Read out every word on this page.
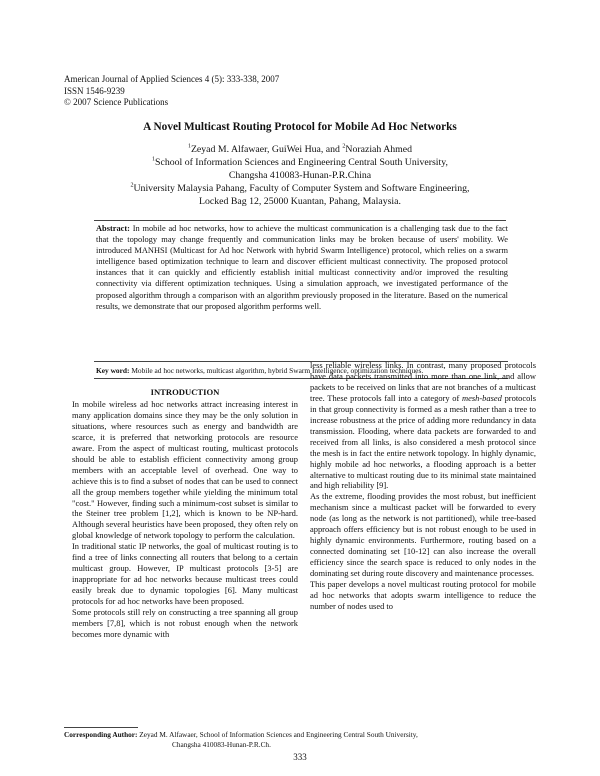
American Journal of Applied Sciences 4 (5): 333-338, 2007
ISSN 1546-9239
© 2007 Science Publications
A Novel Multicast Routing Protocol for Mobile Ad Hoc Networks
$^1$Zeyad M. Alfawaer, GuiWei Hua, and $^2$Noraziah Ahmed
$^1$School of Information Sciences and Engineering Central South University,
Changsha 410083-Hunan-P.R.China
$^2$University Malaysia Pahang, Faculty of Computer System and Software Engineering,
Locked Bag 12, 25000 Kuantan, Pahang, Malaysia.
Abstract: In mobile ad hoc networks, how to achieve the multicast communication is a challenging task due to the fact that the topology may change frequently and communication links may be broken because of users' mobility. We introduced MANHSI (Multicast for Ad hoc Network with hybrid Swarm Intelligence) protocol, which relies on a swarm intelligence based optimization technique to learn and discover efficient multicast connectivity. The proposed protocol instances that it can quickly and efficiently establish initial multicast connectivity and/or improved the resulting connectivity via different optimization techniques. Using a simulation approach, we investigated performance of the proposed algorithm through a comparison with an algorithm previously proposed in the literature. Based on the numerical results, we demonstrate that our proposed algorithm performs well.
Key word: Mobile ad hoc networks, multicast algorithm, hybrid Swarm Intelligence, optimization techniques.
INTRODUCTION

In mobile wireless ad hoc networks attract increasing interest in many application domains since they may be the only solution in situations, where resources such as energy and bandwidth are scarce, it is preferred that networking protocols are resource aware. From the aspect of multicast routing, multicast protocols should be able to establish efficient connectivity among group members with an acceptable level of overhead. One way to achieve this is to find a subset of nodes that can be used to connect all the group members together while yielding the minimum total "cost." However, finding such a minimum-cost subset is similar to the Steiner tree problem [1,2], which is known to be NP-hard. Although several heuristics have been proposed, they often rely on global knowledge of network topology to perform the calculation.

In traditional static IP networks, the goal of multicast routing is to find a tree of links connecting all routers that belong to a certain multicast group. However, IP multicast protocols [3-5] are inappropriate for ad hoc networks because multicast trees could easily break due to dynamic topologies [6]. Many multicast protocols for ad hoc networks have been proposed.

Some protocols still rely on constructing a tree spanning all group members [7,8], which is not robust enough when the network becomes more dynamic with

less reliable wireless links. In contrast, many proposed protocols have data packets transmitted into more than one link, and allow packets to be received on links that are not branches of a multicast tree. These protocols fall into a category of mesh-based protocols in that group connectivity is formed as a mesh rather than a tree to increase robustness at the price of adding more redundancy in data transmission. Flooding, where data packets are forwarded to and received from all links, is also considered a mesh protocol since the mesh is in fact the entire network topology. In highly dynamic, highly mobile ad hoc networks, a flooding approach is a better alternative to multicast routing due to its minimal state maintained and high reliability [9].

As the extreme, flooding provides the most robust, but inefficient mechanism since a multicast packet will be forwarded to every node (as long as the network is not partitioned), while tree-based approach offers efficiency but is not robust enough to be used in highly dynamic environments. Furthermore, routing based on a connected dominating set [10-12] can also increase the overall efficiency since the search space is reduced to only nodes in the dominating set during route discovery and maintenance processes.

This paper develops a novel multicast routing protocol for mobile ad hoc networks that adopts swarm intelligence to reduce the number of nodes used to

Corresponding Author: Zeyad M. Alfawaer, School of Information Sciences and Engineering Central South University,
Changsha 410083-Hunan-P.R.Ch.
333
